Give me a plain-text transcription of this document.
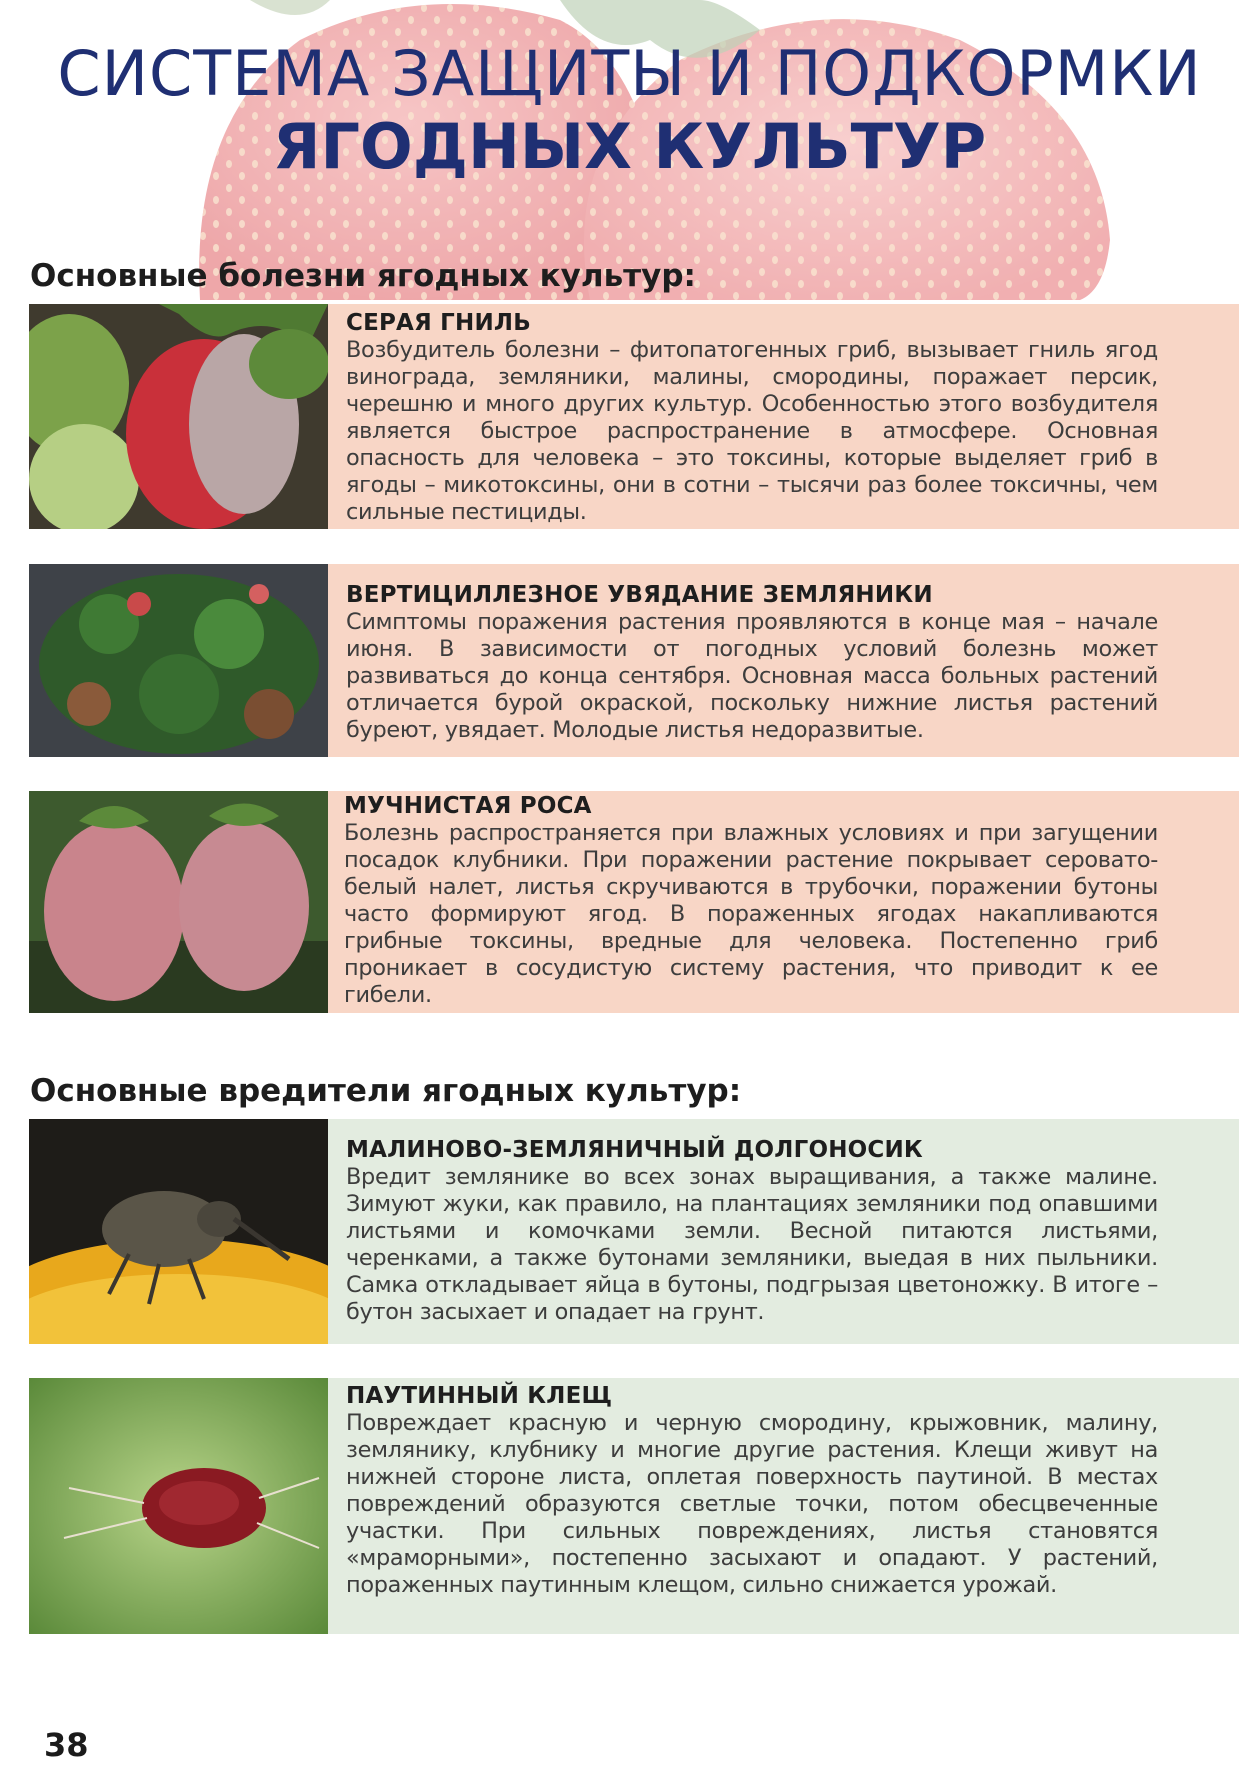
СИСТЕМА ЗАЩИТЫ И ПОДКОРМКИ
ЯГОДНЫХ КУЛЬТУР
Основные болезни ягодных культур:
СЕРАЯ ГНИЛЬ
Возбудитель болезни – фитопатогенных гриб, вызывает гниль ягод винограда, земляники, малины, смородины, поражает персик, черешню и много других культур. Особенностью этого возбудителя является быстрое распространение в атмосфере. Основная опасность для человека – это токсины, которые выделяет гриб в ягоды – микотоксины, они в сотни – тысячи раз более токсичны, чем сильные пестициды.
ВЕРТИЦИЛЛЕЗНОЕ УВЯДАНИЕ ЗЕМЛЯНИКИ
Симптомы поражения растения проявляются в конце мая – начале июня. В зависимости от погодных условий болезнь может развиваться до конца сентября. Основная масса больных растений отличается бурой окраской, поскольку нижние листья растений буреют, увядает. Молодые листья недоразвитые.
МУЧНИСТАЯ РОСА
Болезнь распространяется при влажных условиях и при загущении посадок клубники. При поражении растение покрывает серовато-белый налет, листья скручиваются в трубочки, поражении бутоны часто формируют ягод. В пораженных ягодах накапливаются грибные токсины, вредные для человека. Постепенно гриб проникает в сосудистую систему растения, что приводит к ее гибели.
Основные вредители ягодных культур:
МАЛИНОВО-ЗЕМЛЯНИЧНЫЙ ДОЛГОНОСИК
Вредит землянике во всех зонах выращивания, а также малине. Зимуют жуки, как правило, на плантациях земляники под опавшими листьями и комочками земли. Весной питаются листьями, черенками, а также бутонами земляники, выедая в них пыльники. Самка откладывает яйца в бутоны, подгрызая цветоножку. В итоге – бутон засыхает и опадает на грунт.
ПАУТИННЫЙ КЛЕЩ
Повреждает красную и черную смородину, крыжовник, малину, землянику, клубнику и многие другие растения. Клещи живут на нижней стороне листа, оплетая поверхность паутиной. В местах повреждений образуются светлые точки, потом обесцвеченные участки. При сильных повреждениях, листья становятся «мраморными», постепенно засыхают и опадают. У растений, пораженных паутинным клещом, сильно снижается урожай.
38
